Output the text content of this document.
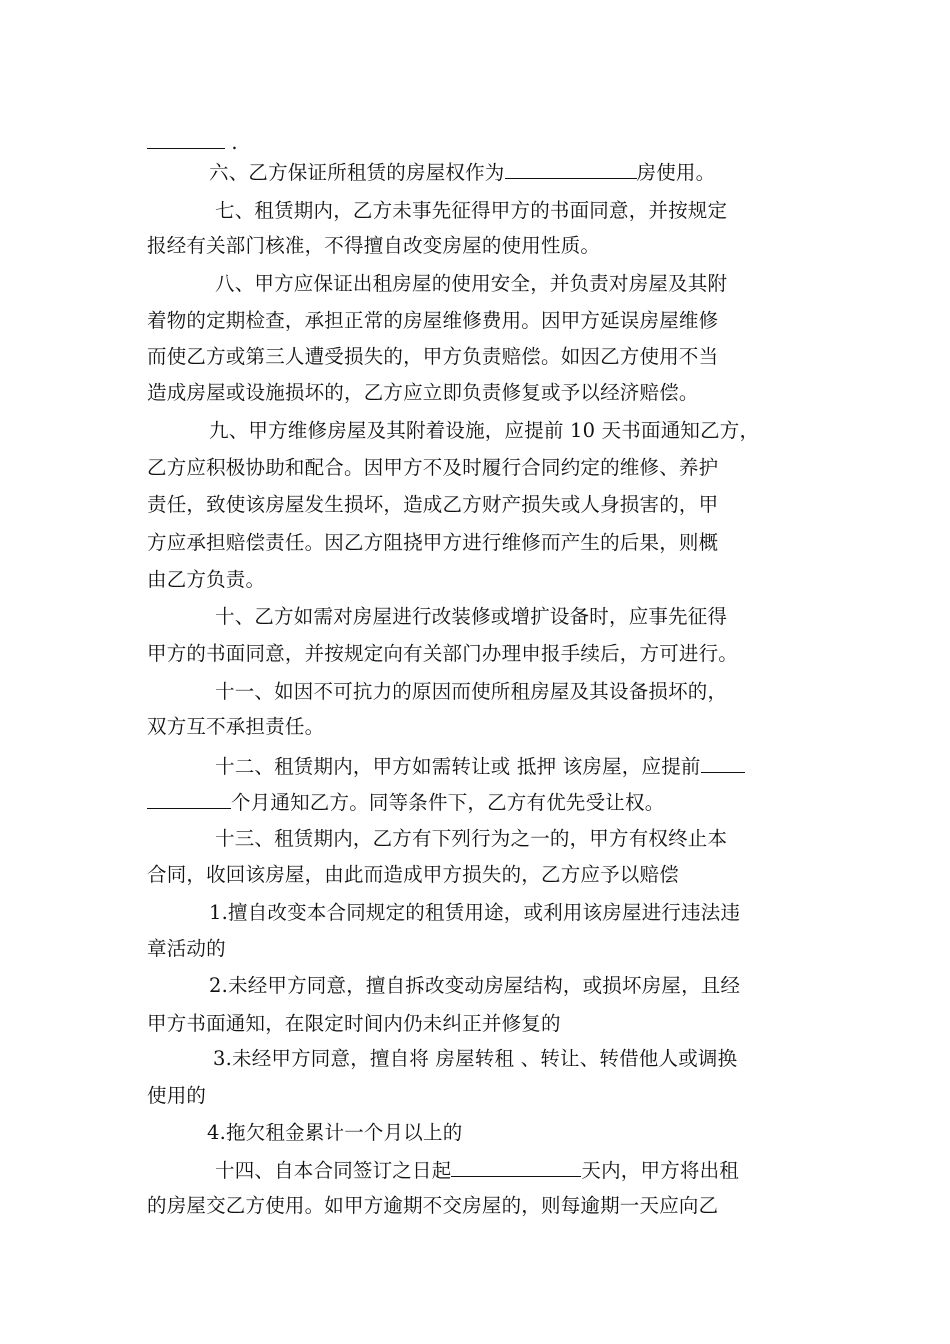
.
六、乙方保证所租赁的房屋权作为	房使用。
七、租赁期内，乙方未事先征得甲方的书面同意，并按规定
报经有关部门核准，不得擅自改变房屋的使用性质。
八、甲方应保证出租房屋的使用安全，并负责对房屋及其附
着物的定期检查，承担正常的房屋维修费用。因甲方延误房屋维修
而使乙方或第三人遭受损失的，甲方负责赔偿。如因乙方使用不当
造成房屋或设施损坏的，乙方应立即负责修复或予以经济赔偿。
九、甲方维修房屋及其附着设施，应提前 10 天书面通知乙方，
乙方应积极协助和配合。因甲方不及时履行合同约定的维修、养护
责任，致使该房屋发生损坏，造成乙方财产损失或人身损害的，甲
方应承担赔偿责任。因乙方阻挠甲方进行维修而产生的后果，则概
由乙方负责。
十、乙方如需对房屋进行改装修或增扩设备时，应事先征得
甲方的书面同意，并按规定向有关部门办理申报手续后，方可进行。
十一、如因不可抗力的原因而使所租房屋及其设备损坏的，
双方互不承担责任。
十二、租赁期内，甲方如需转让或 抵押 该房屋，应提前
个月通知乙方。同等条件下，乙方有优先受让权。
十三、租赁期内，乙方有下列行为之一的，甲方有权终止本
合同，收回该房屋，由此而造成甲方损失的，乙方应予以赔偿
1.擅自改变本合同规定的租赁用途，或利用该房屋进行违法违
章活动的
2.未经甲方同意，擅自拆改变动房屋结构，或损坏房屋，且经
甲方书面通知，在限定时间内仍未纠正并修复的
3.未经甲方同意，擅自将 房屋转租 、转让、转借他人或调换
使用的
4.拖欠租金累计一个月以上的
十四、自本合同签订之日起	天内，甲方将出租
的房屋交乙方使用。如甲方逾期不交房屋的，则每逾期一天应向乙
